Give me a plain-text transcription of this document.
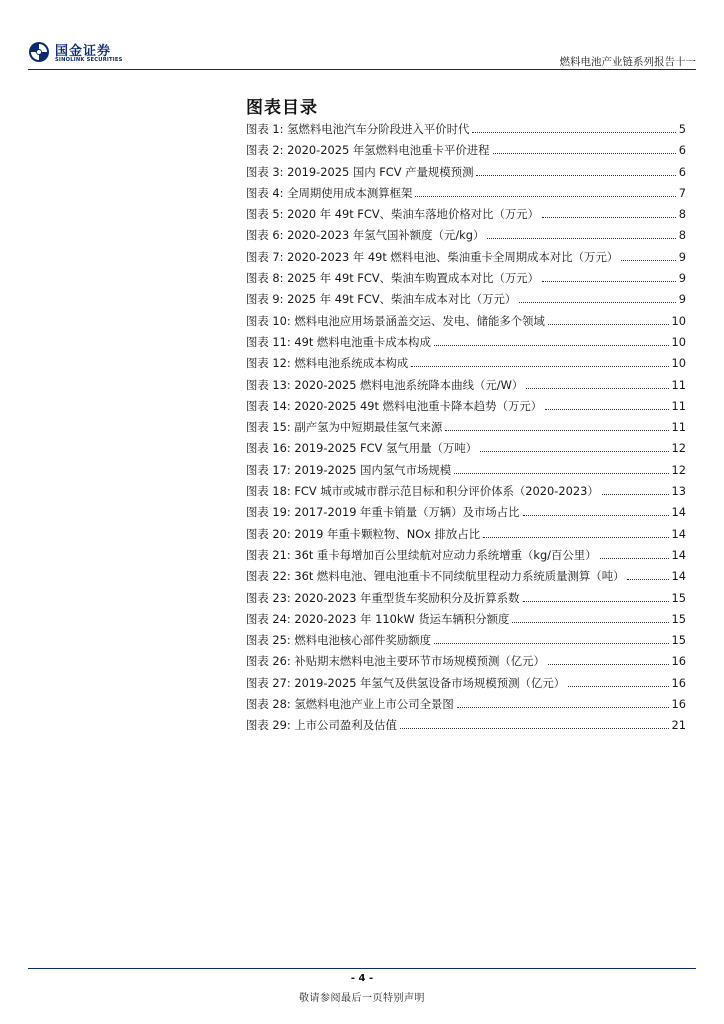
国金证券
SINOLINK SECURITIES	燃料电池产业链系列报告十一
图表目录
图表 1: 氢燃料电池汽车分阶段进入平价时代	5
图表 2: 2020-2025 年氢燃料电池重卡平价进程	6
图表 3: 2019-2025 国内 FCV 产量规模预测	6
图表 4: 全周期使用成本测算框架	7
图表 5: 2020 年 49t FCV、柴油车落地价格对比（万元）	8
图表 6: 2020-2023 年氢气国补额度（元/kg）	8
图表 7: 2020-2023 年 49t 燃料电池、柴油重卡全周期成本对比（万元）	9
图表 8: 2025 年 49t FCV、柴油车购置成本对比（万元）	9
图表 9: 2025 年 49t FCV、柴油车成本对比（万元）	9
图表 10: 燃料电池应用场景涵盖交运、发电、储能多个领域	10
图表 11: 49t 燃料电池重卡成本构成	10
图表 12: 燃料电池系统成本构成	10
图表 13: 2020-2025 燃料电池系统降本曲线（元/W）	11
图表 14: 2020-2025 49t 燃料电池重卡降本趋势（万元）	11
图表 15: 副产氢为中短期最佳氢气来源	11
图表 16: 2019-2025 FCV 氢气用量（万吨）	12
图表 17: 2019-2025 国内氢气市场规模	12
图表 18: FCV 城市或城市群示范目标和积分评价体系（2020-2023）	13
图表 19: 2017-2019 年重卡销量（万辆）及市场占比	14
图表 20: 2019 年重卡颗粒物、NOx 排放占比	14
图表 21: 36t 重卡每增加百公里续航对应动力系统增重（kg/百公里）	14
图表 22: 36t 燃料电池、锂电池重卡不同续航里程动力系统质量测算（吨）	14
图表 23: 2020-2023 年重型货车奖励积分及折算系数	15
图表 24: 2020-2023 年 110kW 货运车辆积分额度	15
图表 25: 燃料电池核心部件奖励额度	15
图表 26: 补贴期末燃料电池主要环节市场规模预测（亿元）	16
图表 27: 2019-2025 年氢气及供氢设备市场规模预测（亿元）	16
图表 28: 氢燃料电池产业上市公司全景图	16
图表 29: 上市公司盈利及估值	21
- 4 -
敬请参阅最后一页特别声明
